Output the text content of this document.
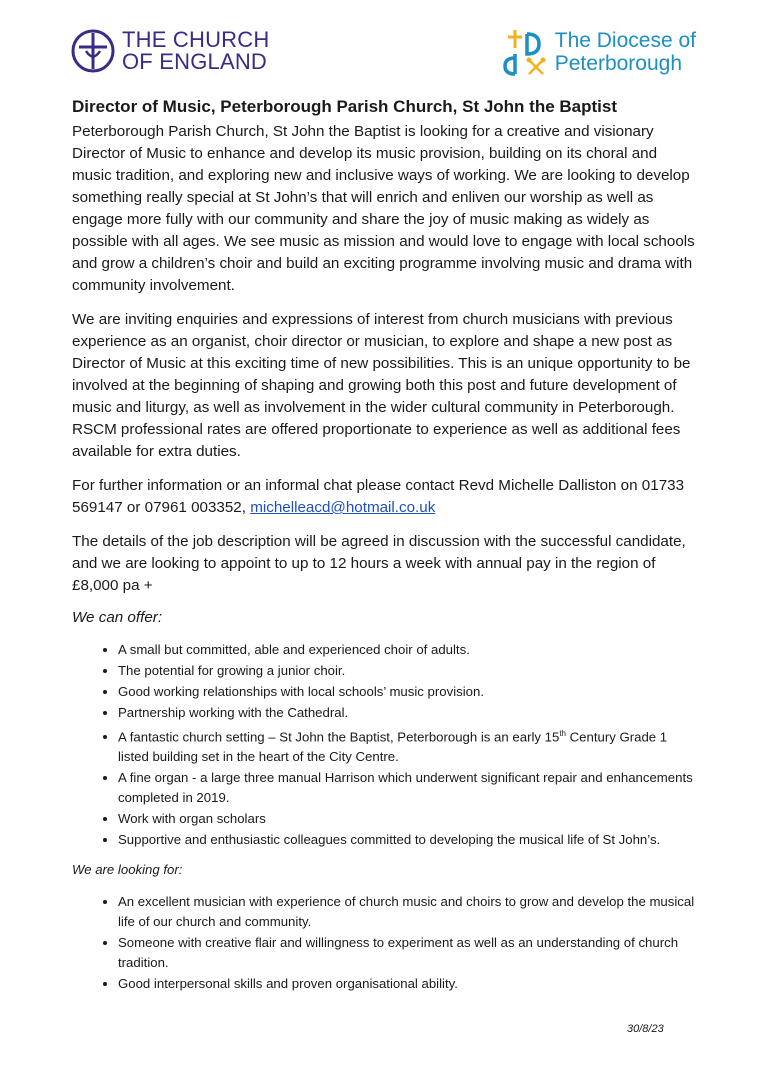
THE CHURCH
OF ENGLAND
The Diocese of
Peterborough
Director of Music, Peterborough Parish Church, St John the Baptist

Peterborough Parish Church, St John the Baptist is looking for a creative and visionary Director of Music to enhance and develop its music provision, building on its choral and music tradition, and exploring new and inclusive ways of working. We are looking to develop something really special at St John’s that will enrich and enliven our worship as well as engage more fully with our community and share the joy of music making as widely as possible with all ages. We see music as mission and would love to engage with local schools and grow a children’s choir and build an exciting programme involving music and drama with community involvement.

We are inviting enquiries and expressions of interest from church musicians with previous experience as an organist, choir director or musician, to explore and shape a new post as Director of Music at this exciting time of new possibilities. This is an unique opportunity to be involved at the beginning of shaping and growing both this post and future development of music and liturgy, as well as involvement in the wider cultural community in Peterborough. RSCM professional rates are offered proportionate to experience as well as additional fees available for extra duties.

For further information or an informal chat please contact Revd Michelle Dalliston on 01733 569147 or 07961 003352, michelleacd@hotmail.co.uk

The details of the job description will be agreed in discussion with the successful candidate, and we are looking to appoint to up to 12 hours a week with annual pay in the region of £8,000 pa +

We can offer:
• A small but committed, able and experienced choir of adults.
• The potential for growing a junior choir.
• Good working relationships with local schools’ music provision.
• Partnership working with the Cathedral.
• A fantastic church setting – St John the Baptist, Peterborough is an early 15th Century Grade 1 listed building set in the heart of the City Centre.
• A fine organ - a large three manual Harrison which underwent significant repair and enhancements completed in 2019.
• Work with organ scholars
• Supportive and enthusiastic colleagues committed to developing the musical life of St John’s.
We are looking for:
• An excellent musician with experience of church music and choirs to grow and develop the musical life of our church and community.
• Someone with creative flair and willingness to experiment as well as an understanding of church tradition.
• Good interpersonal skills and proven organisational ability.
30/8/23
